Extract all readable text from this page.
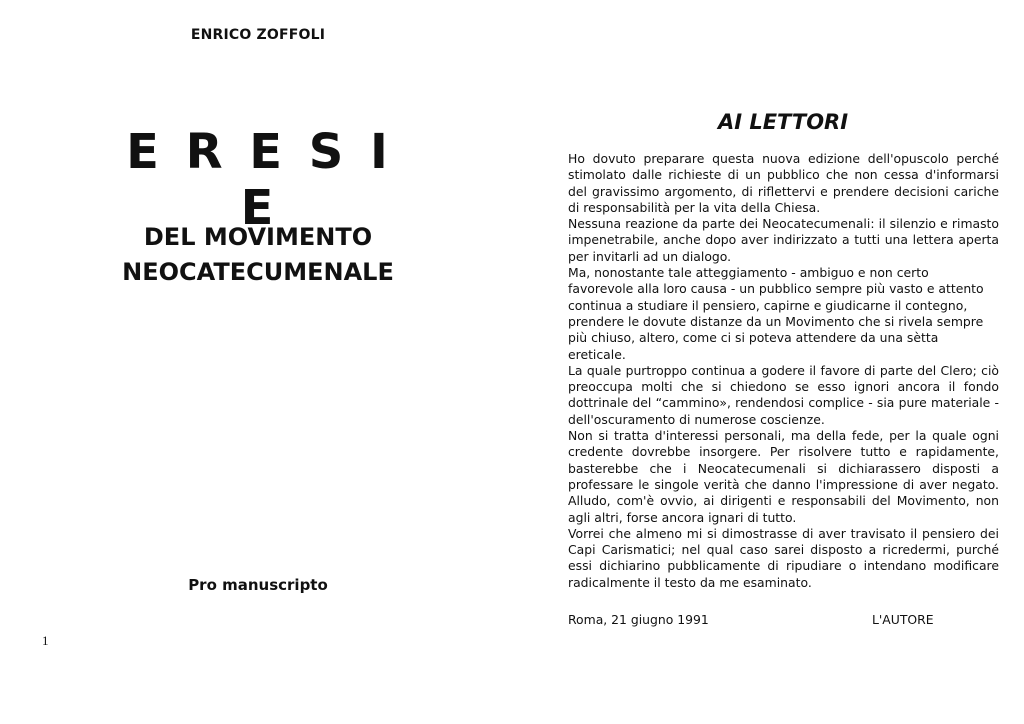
ENRICO ZOFFOLI
E R E S I E
DEL MOVIMENTO
NEOCATECUMENALE
Pro manuscripto
1
AI LETTORI

Ho dovuto preparare questa nuova edizione dell'opuscolo perché stimolato dalle richieste di un pubblico che non cessa d'informarsi del gravissimo argomento, di riflettervi e prendere decisioni cariche di responsabilità per la vita della Chiesa.

Nessuna reazione da parte dei Neocatecumenali: il silenzio e rimasto impenetrabile, anche dopo aver indirizzato a tutti una lettera aperta per invitarli ad un dialogo.

Ma, nonostante tale atteggiamento - ambiguo e non certo favorevole alla loro causa - un pubblico sempre più vasto e attento continua a studiare il pensiero, capirne e giudicarne il contegno, prendere le dovute distanze da un Movimento che si rivela sempre più chiuso, altero, come ci si poteva attendere da una sètta ereticale.

La quale purtroppo continua a godere il favore di parte del Clero; ciò preoccupa molti che si chiedono se esso ignori ancora il fondo dottrinale del “cammino», rendendosi complice - sia pure materiale - dell'oscuramento di numerose coscienze.

Non si tratta d'interessi personali, ma della fede, per la quale ogni credente dovrebbe insorgere. Per risolvere tutto e rapidamente, basterebbe che i Neocatecumenali si dichiarassero disposti a professare le singole verità che danno l'impressione di aver negato. Alludo, com'è ovvio, ai dirigenti e responsabili del Movimento, non agli altri, forse ancora ignari di tutto.

Vorrei che almeno mi si dimostrasse di aver travisato il pensiero dei Capi Carismatici; nel qual caso sarei disposto a ricredermi, purché essi dichiarino pubblicamente di ripudiare o intendano modificare radicalmente il testo da me esaminato.

Roma, 21 giugno 1991	L'AUTORE
